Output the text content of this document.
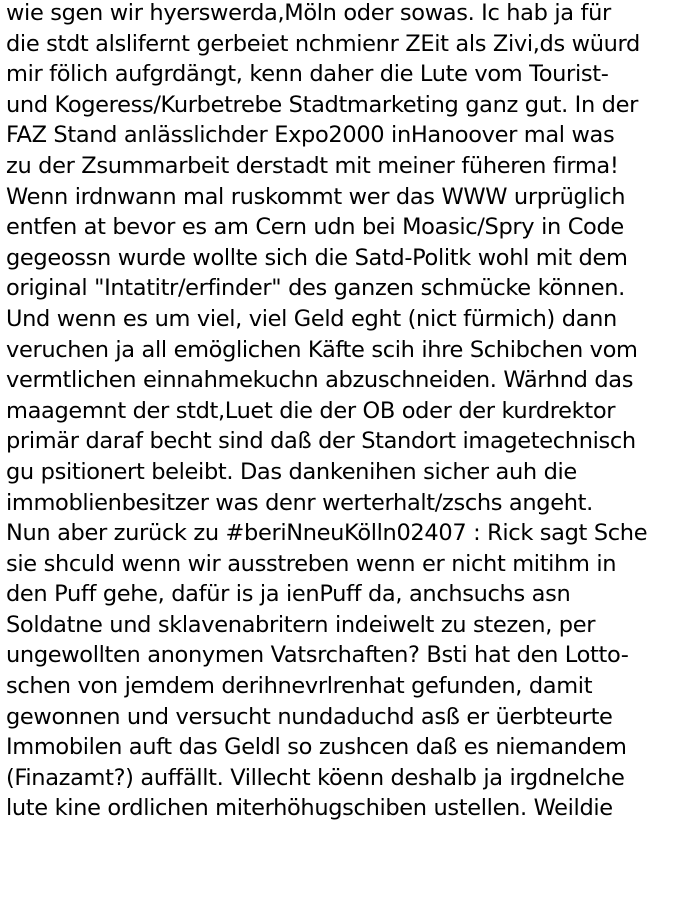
wie sgen wir hyerswerda,Möln oder sowas. Ic hab ja für
die stdt alslifernt gerbeiet nchmienr ZEit als Zivi,ds wüurd
mir fölich aufgrdängt, kenn daher die Lute vom Tourist-
und Kogeress/Kurbetrebe Stadtmarketing ganz gut. In der
FAZ Stand anlässlichder Expo2000 inHanoover mal was
zu der Zsummarbeit derstadt mit meiner füheren firma!
Wenn irdnwann mal ruskommt wer das WWW urprüglich
entfen at bevor es am Cern udn bei Moasic/Spry in Code
gegeossn wurde wollte sich die Satd-Politk wohl mit dem
original "Intatitr/erfinder" des ganzen schmücke können.
Und wenn es um viel, viel Geld eght (nict fürmich) dann
veruchen ja all emöglichen Käfte scih ihre Schibchen vom
vermtlichen einnahmekuchn abzuschneiden. Wärhnd das
maagemnt der stdt,Luet die der OB oder der kurdrektor
primär daraf becht sind daß der Standort imagetechnisch
gu psitionert beleibt. Das dankenihen sicher auh die
immoblienbesitzer was denr werterhalt/zschs angeht.
Nun aber zurück zu #beriNneuKölln02407 : Rick sagt Sche
sie shculd wenn wir ausstreben wenn er nicht mitihm in
den Puff gehe, dafür is ja ienPuff da, anchsuchs asn
Soldatne und sklavenabritern indeiwelt zu stezen, per
ungewollten anonymen Vatsrchaften? Bsti hat den Lotto-
schen von jemdem derihnevrlrenhat gefunden, damit
gewonnen und versucht nundaduchd asß er üerbteurte
Immobilen auft das Geldl so zushcen daß es niemandem
(Finazamt?) auffällt. Villecht köenn deshalb ja irgdnelche
lute kine ordlichen miterhöhugschiben ustellen. Weildie
